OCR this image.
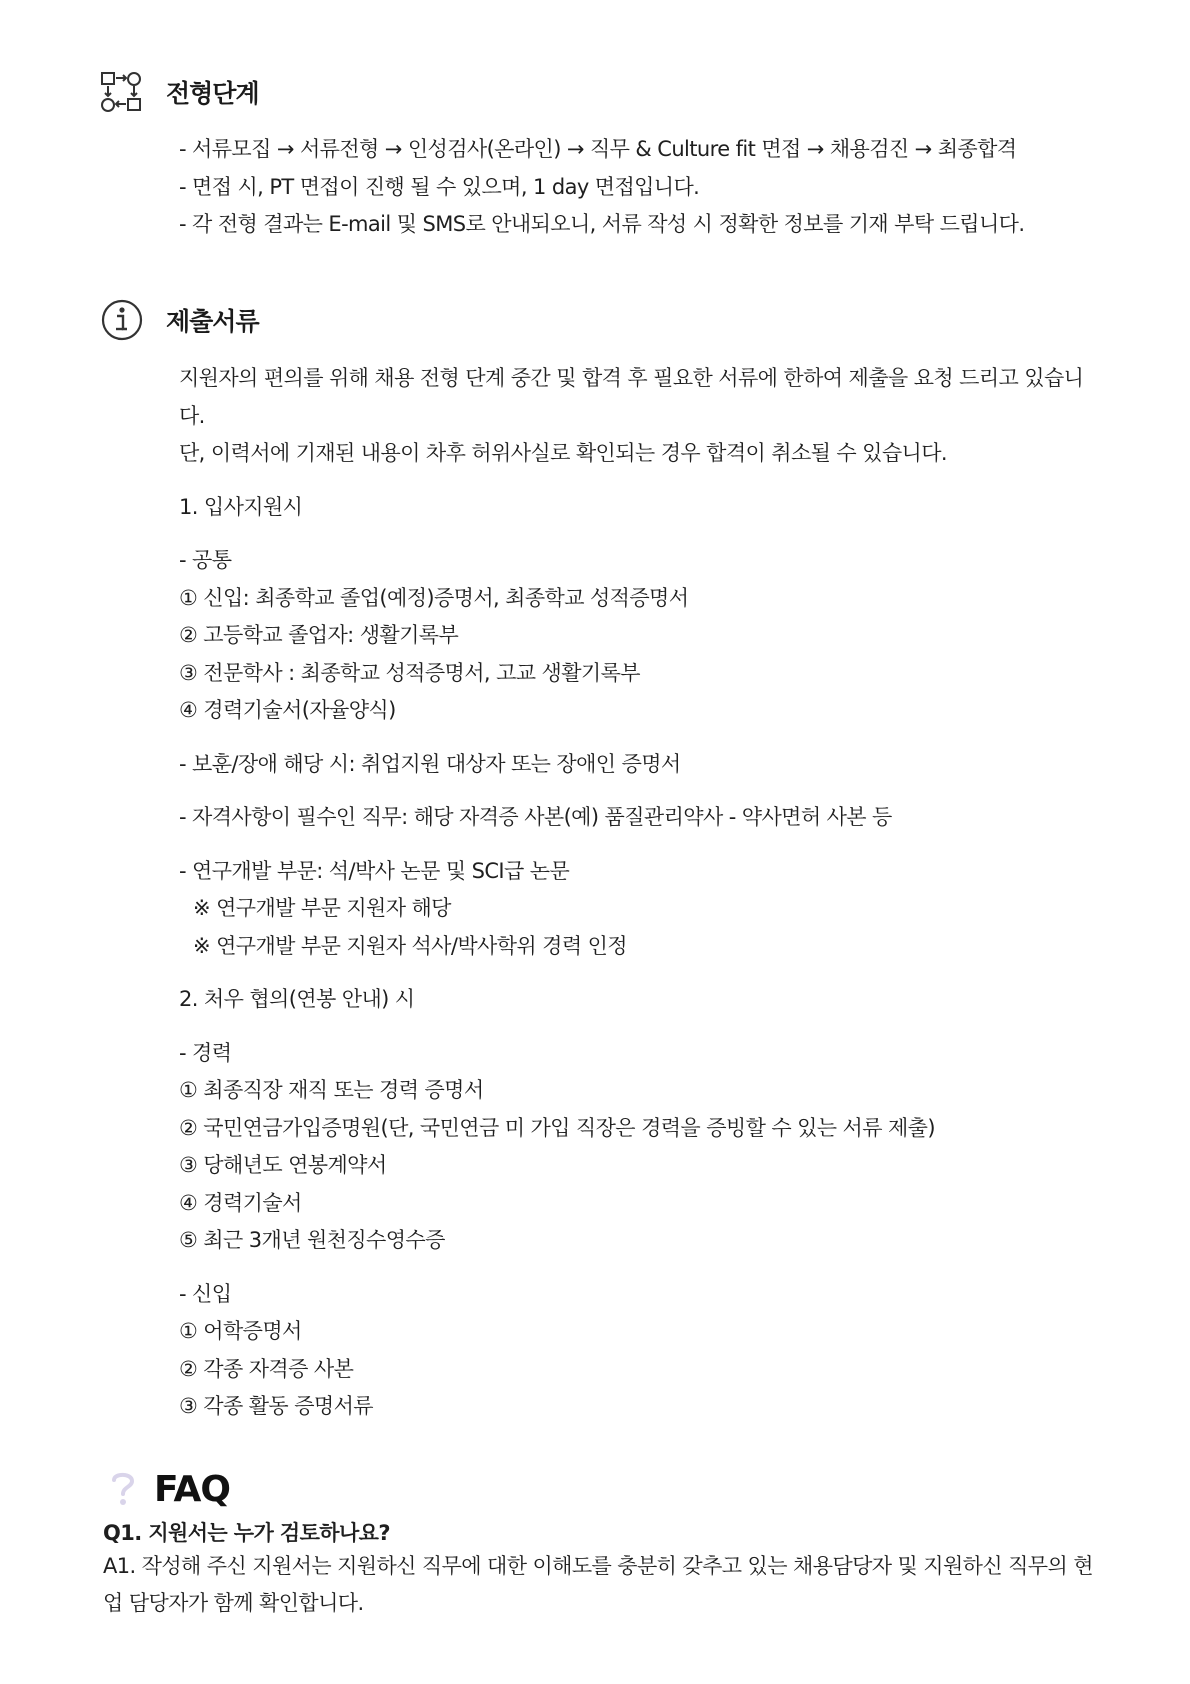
전형단계
- 서류모집 → 서류전형 → 인성검사(온라인) → 직무 & Culture fit 면접 → 채용검진 → 최종합격
- 면접 시, PT 면접이 진행 될 수 있으며, 1 day 면접입니다.
- 각 전형 결과는 E-mail 및 SMS로 안내되오니, 서류 작성 시 정확한 정보를 기재 부탁 드립니다.
제출서류
지원자의 편의를 위해 채용 전형 단계 중간 및 합격 후 필요한 서류에 한하여 제출을 요청 드리고 있습니다.
단, 이력서에 기재된 내용이 차후 허위사실로 확인되는 경우 합격이 취소될 수 있습니다.
1. 입사지원시
- 공통
① 신입: 최종학교 졸업(예정)증명서, 최종학교 성적증명서
② 고등학교 졸업자: 생활기록부
③ 전문학사 : 최종학교 성적증명서, 고교 생활기록부
④ 경력기술서(자율양식)
- 보훈/장애 해당 시: 취업지원 대상자 또는 장애인 증명서
- 자격사항이 필수인 직무: 해당 자격증 사본(예) 품질관리약사 - 약사면허 사본 등
- 연구개발 부문: 석/박사 논문 및 SCI급 논문
※ 연구개발 부문 지원자 해당
※ 연구개발 부문 지원자 석사/박사학위 경력 인정
2. 처우 협의(연봉 안내) 시
- 경력
① 최종직장 재직 또는 경력 증명서
② 국민연금가입증명원(단, 국민연금 미 가입 직장은 경력을 증빙할 수 있는 서류 제출)
③ 당해년도 연봉계약서
④ 경력기술서
⑤ 최근 3개년 원천징수영수증
- 신입
① 어학증명서
② 각종 자격증 사본
③ 각종 활동 증명서류
FAQ
Q1. 지원서는 누가 검토하나요?
A1. 작성해 주신 지원서는 지원하신 직무에 대한 이해도를 충분히 갖추고 있는 채용담당자 및 지원하신 직무의 현업 담당자가 함께 확인합니다.
